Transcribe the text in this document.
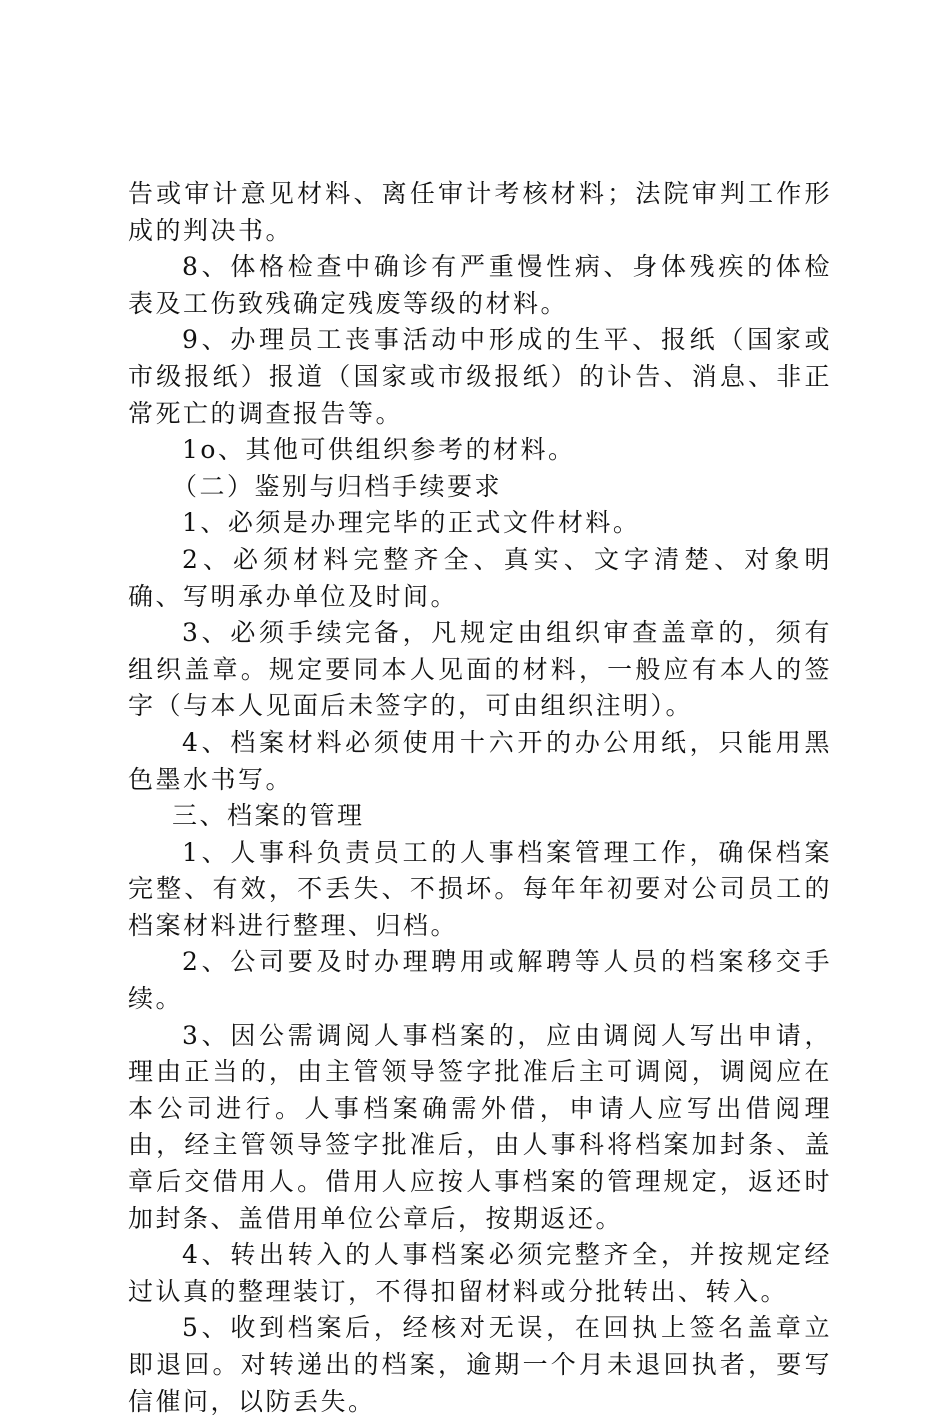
告或审计意见材料、离任审计考核材料；法院审判工作形成的判决书。

8、体格检查中确诊有严重慢性病、身体残疾的体检表及工伤致残确定残废等级的材料。

9、办理员工丧事活动中形成的生平、报纸（国家或市级报纸）报道（国家或市级报纸）的讣告、消息、非正常死亡的调查报告等。

1o、其他可供组织参考的材料。

（二）鉴别与归档手续要求

1、必须是办理完毕的正式文件材料。

2、必须材料完整齐全、真实、文字清楚、对象明确、写明承办单位及时间。

3、必须手续完备，凡规定由组织审查盖章的，须有组织盖章。规定要同本人见面的材料，一般应有本人的签字（与本人见面后未签字的，可由组织注明）。

4、档案材料必须使用十六开的办公用纸，只能用黑色墨水书写。

三、档案的管理

1、人事科负责员工的人事档案管理工作，确保档案完整、有效，不丢失、不损坏。每年年初要对公司员工的档案材料进行整理、归档。

2、公司要及时办理聘用或解聘等人员的档案移交手续。

3、因公需调阅人事档案的，应由调阅人写出申请，理由正当的，由主管领导签字批准后主可调阅，调阅应在本公司进行。人事档案确需外借，申请人应写出借阅理由，经主管领导签字批准后，由人事科将档案加封条、盖章后交借用人。借用人应按人事档案的管理规定，返还时加封条、盖借用单位公章后，按期返还。

4、转出转入的人事档案必须完整齐全，并按规定经过认真的整理装订，不得扣留材料或分批转出、转入。

5、收到档案后，经核对无误，在回执上签名盖章立即退回。对转递出的档案，逾期一个月未退回执者，要写信催问，以防丢失。
